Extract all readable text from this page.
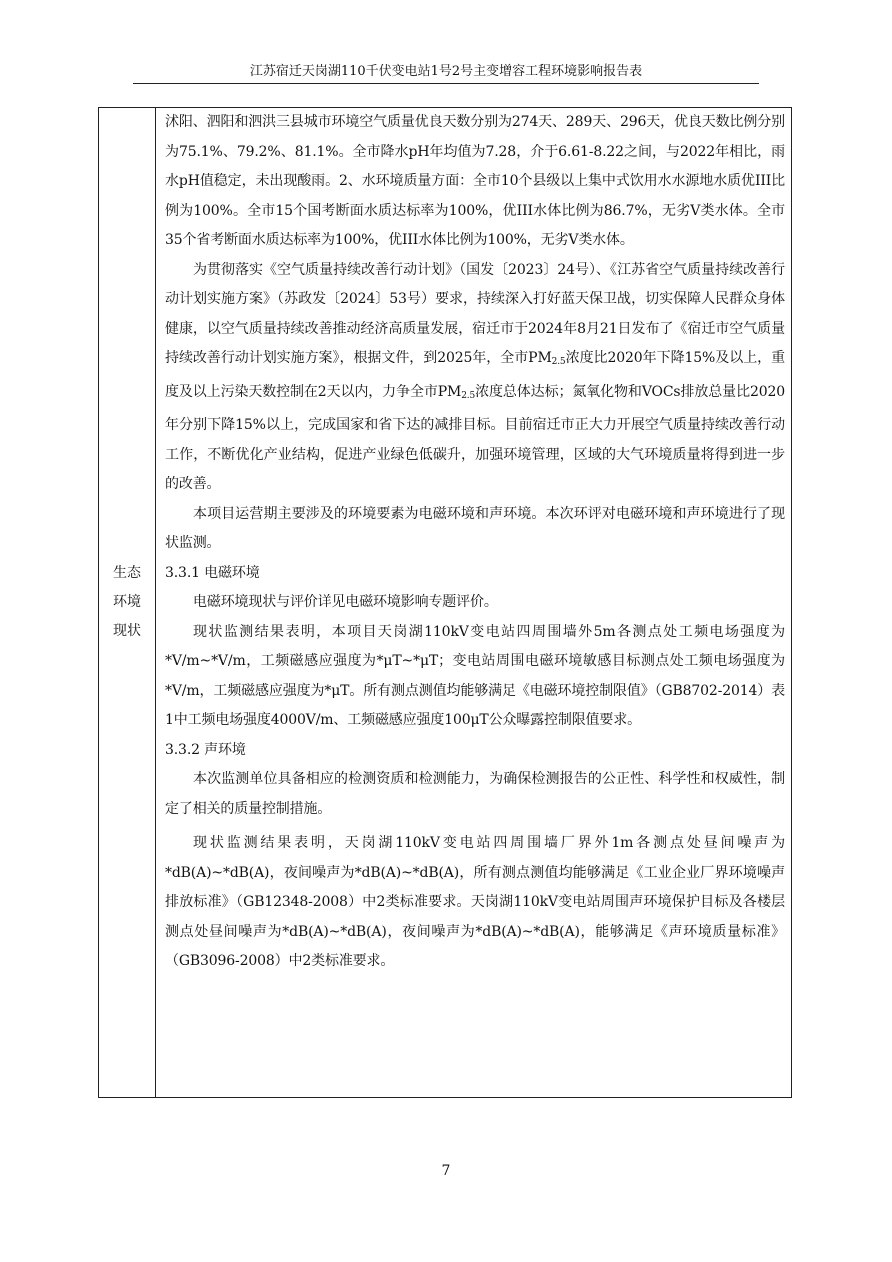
江苏宿迁天岗湖110千伏变电站1号2号主变增容工程环境影响报告表
生态环境现状

沭阳、泗阳和泗洪三县城市环境空气质量优良天数分别为274天、289天、296天，优良天数比例分别为75.1%、79.2%、81.1%。全市降水pH年均值为7.28，介于6.61-8.22之间，与2022年相比，雨水pH值稳定，未出现酸雨。2、水环境质量方面：全市10个县级以上集中式饮用水水源地水质优III比例为100%。全市15个国考断面水质达标率为100%，优III水体比例为86.7%，无劣V类水体。全市35个省考断面水质达标率为100%，优III水体比例为100%，无劣V类水体。

为贯彻落实《空气质量持续改善行动计划》（国发〔2023〕24号）、《江苏省空气质量持续改善行动计划实施方案》（苏政发〔2024〕53号）要求，持续深入打好蓝天保卫战，切实保障人民群众身体健康，以空气质量持续改善推动经济高质量发展，宿迁市于2024年8月21日发布了《宿迁市空气质量持续改善行动计划实施方案》，根据文件，到2025年，全市$PM_{2.5}$浓度比2020年下降15%及以上，重度及以上污染天数控制在2天以内，力争全市$PM_{2.5}$浓度总体达标；氮氧化物和VOCs排放总量比2020年分别下降15%以上，完成国家和省下达的减排目标。目前宿迁市正大力开展空气质量持续改善行动工作，不断优化产业结构，促进产业绿色低碳升，加强环境管理，区域的大气环境质量将得到进一步的改善。

本项目运营期主要涉及的环境要素为电磁环境和声环境。本次环评对电磁环境和声环境进行了现状监测。

3.3.1 电磁环境

电磁环境现状与评价详见电磁环境影响专题评价。

现状监测结果表明，本项目天岗湖110kV变电站四周围墙外5m各测点处工频电场强度为*V/m~*V/m，工频磁感应强度为*μT~*μT；变电站周围电磁环境敏感目标测点处工频电场强度为*V/m，工频磁感应强度为*μT。所有测点测值均能够满足《电磁环境控制限值》（GB8702-2014）表1中工频电场强度4000V/m、工频磁感应强度100μT公众曝露控制限值要求。

3.3.2 声环境

本次监测单位具备相应的检测资质和检测能力，为确保检测报告的公正性、科学性和权威性，制定了相关的质量控制措施。

现状监测结果表明，天岗湖110kV变电站四周围墙厂界外1m各测点处昼间噪声为*dB(A)~*dB(A)，夜间噪声为*dB(A)~*dB(A)，所有测点测值均能够满足《工业企业厂界环境噪声排放标准》（GB12348-2008）中2类标准要求。天岗湖110kV变电站周围声环境保护目标及各楼层测点处昼间噪声为*dB(A)~*dB(A)，夜间噪声为*dB(A)~*dB(A)，能够满足《声环境质量标准》（GB3096-2008）中2类标准要求。

7
